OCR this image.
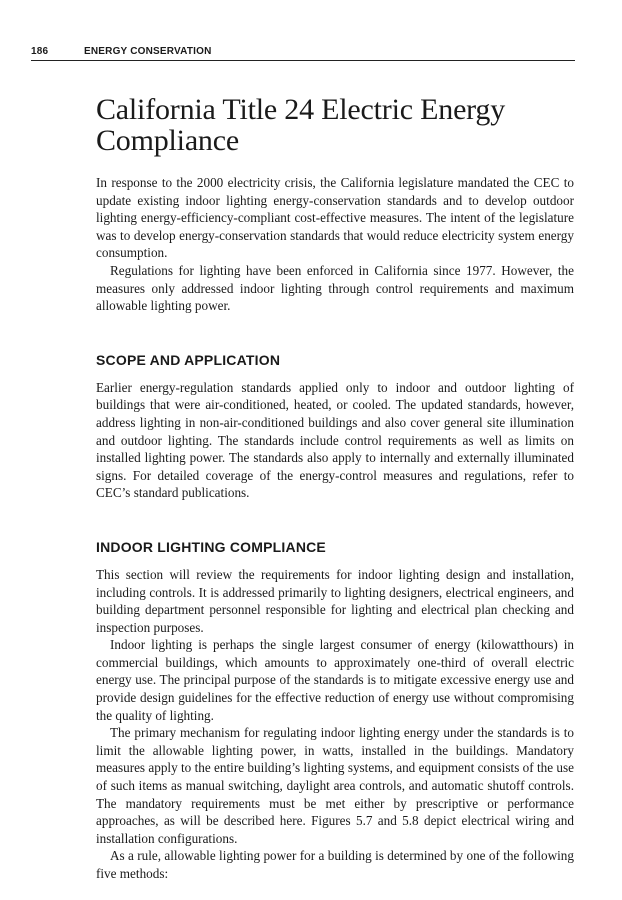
186	ENERGY CONSERVATION
California Title 24 Electric Energy Compliance

In response to the 2000 electricity crisis, the California legislature mandated the CEC to update existing indoor lighting energy-conservation standards and to develop outdoor lighting energy-efficiency-compliant cost-effective measures. The intent of the legislature was to develop energy-conservation standards that would reduce electricity system energy consumption.

Regulations for lighting have been enforced in California since 1977. However, the measures only addressed indoor lighting through control requirements and maximum allowable lighting power.

SCOPE AND APPLICATION

Earlier energy-regulation standards applied only to indoor and outdoor lighting of buildings that were air-conditioned, heated, or cooled. The updated standards, however, address lighting in non-air-conditioned buildings and also cover general site illumination and outdoor lighting. The standards include control requirements as well as limits on installed lighting power. The standards also apply to internally and externally illuminated signs. For detailed coverage of the energy-control measures and regulations, refer to CEC’s standard publications.

INDOOR LIGHTING COMPLIANCE

This section will review the requirements for indoor lighting design and installation, including controls. It is addressed primarily to lighting designers, electrical engineers, and building department personnel responsible for lighting and electrical plan checking and inspection purposes.

Indoor lighting is perhaps the single largest consumer of energy (kilowatthours) in commercial buildings, which amounts to approximately one-third of overall electric energy use. The principal purpose of the standards is to mitigate excessive energy use and provide design guidelines for the effective reduction of energy use without compromising the quality of lighting.

The primary mechanism for regulating indoor lighting energy under the standards is to limit the allowable lighting power, in watts, installed in the buildings. Mandatory measures apply to the entire building’s lighting systems, and equipment consists of the use of such items as manual switching, daylight area controls, and automatic shutoff controls. The mandatory requirements must be met either by prescriptive or performance approaches, as will be described here. Figures 5.7 and 5.8 depict electrical wiring and installation configurations.

As a rule, allowable lighting power for a building is determined by one of the following five methods:
